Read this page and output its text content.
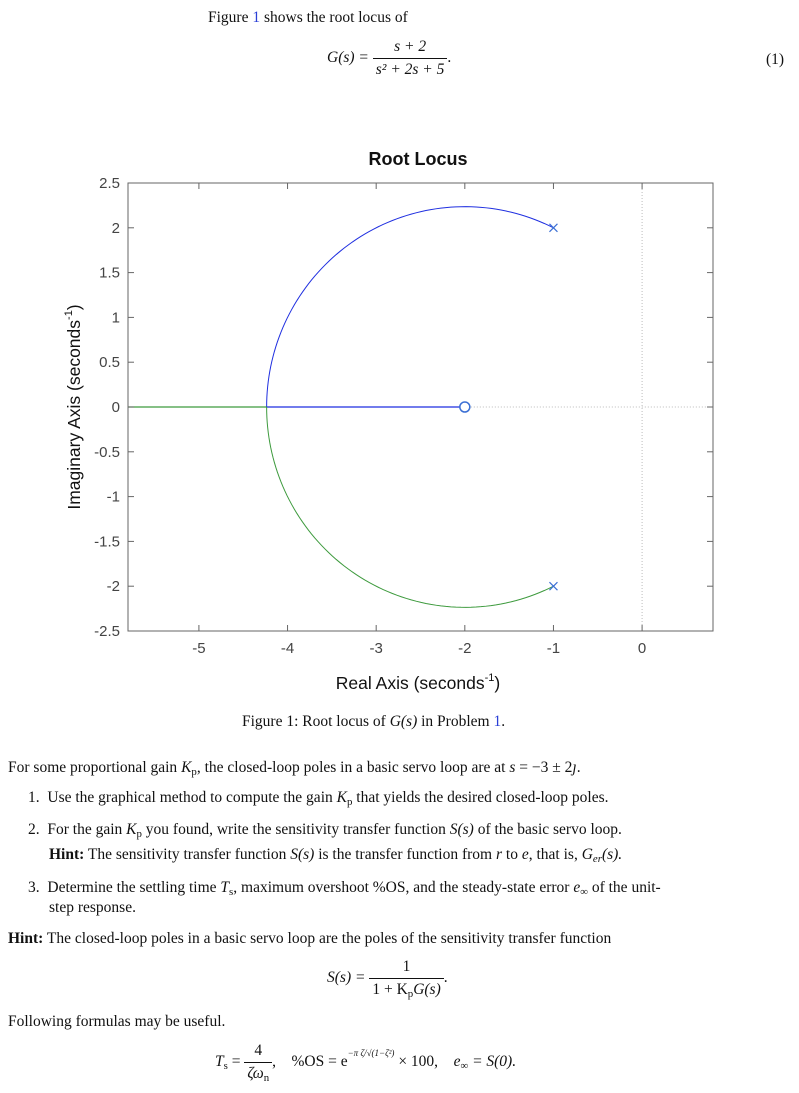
Figure 1 shows the root locus of
$G(s) = \frac{s + 2}{\text{s² + 2s + 5}}$ .	(1)
Root Locus
-5	-4	-3	-2	-1	0
2.5
2
1.5
1
0.5
0
-0.5
-1
-1.5
-2
-2.5
Real Axis (seconds$^{-1}$)
Imaginary Axis (seconds$^{-1}$)
Figure 1: Root locus of G(s) in Problem 1.
For some proportional gain $K_p$, the closed-loop poles in a basic servo loop are at s = −3 ± 2ȷ.
1. Use the graphical method to compute the gain $K_p$ that yields the desired closed-loop poles.
2. For the gain $K_p$ you found, write the sensitivity transfer function S(s) of the basic servo loop.
Hint: The sensitivity transfer function S(s) is the transfer function from r to e, that is, $G_{er}(s)$.
3. Determine the settling time $T_s$, maximum overshoot %OS, and the steady-state error $e_\infty$ of the unit-
step response.
Hint: The closed-loop poles in a basic servo loop are the poles of the sensitivity transfer function
$S(s) = \frac{1}{1 + K_pG(s)}$ .
Following formulas may be useful.
$T_s = \frac{4}{\zeta\omega_n}$ , $\%OS = e^{-\pi \zeta/√(1-\zeta^2)} \times 100$, $e_\infty = S(0)$.
